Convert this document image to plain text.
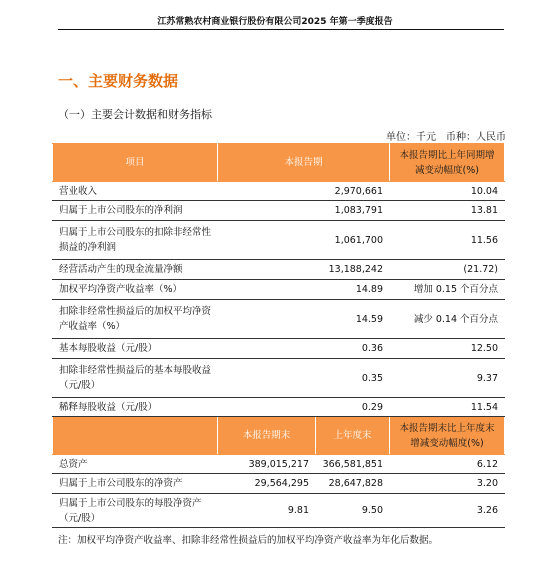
江苏常熟农村商业银行股份有限公司2025 年第一季度报告
一、主要财务数据
（一）主要会计数据和财务指标
单位：千元　币种：人民币
项目	本报告期		本报告期比上年同期增减变动幅度(%)
营业收入	2,970,661		10.04
归属于上市公司股东的净利润	1,083,791		13.81
归属于上市公司股东的扣除非经常性损益的净利润	1,061,700		11.56
经营活动产生的现金流量净额	13,188,242		(21.72)
加权平均净资产收益率（%）	14.89		增加 0.15 个百分点
扣除非经常性损益后的加权平均净资产收益率（%）	14.59		减少 0.14 个百分点
基本每股收益（元/股）	0.36		12.50
扣除非经常性损益后的基本每股收益（元/股）	0.35		9.37
稀释每股收益（元/股）	0.29		11.54
	本报告期末	上年度末	本报告期末比上年度末增减变动幅度(%)
总资产	389,015,217	366,581,851	6.12
归属于上市公司股东的净资产	29,564,295	28,647,828	3.20
归属于上市公司股东的每股净资产（元/股）	9.81	9.50	3.26
注：加权平均净资产收益率、扣除非经常性损益后的加权平均净资产收益率为年化后数据。
